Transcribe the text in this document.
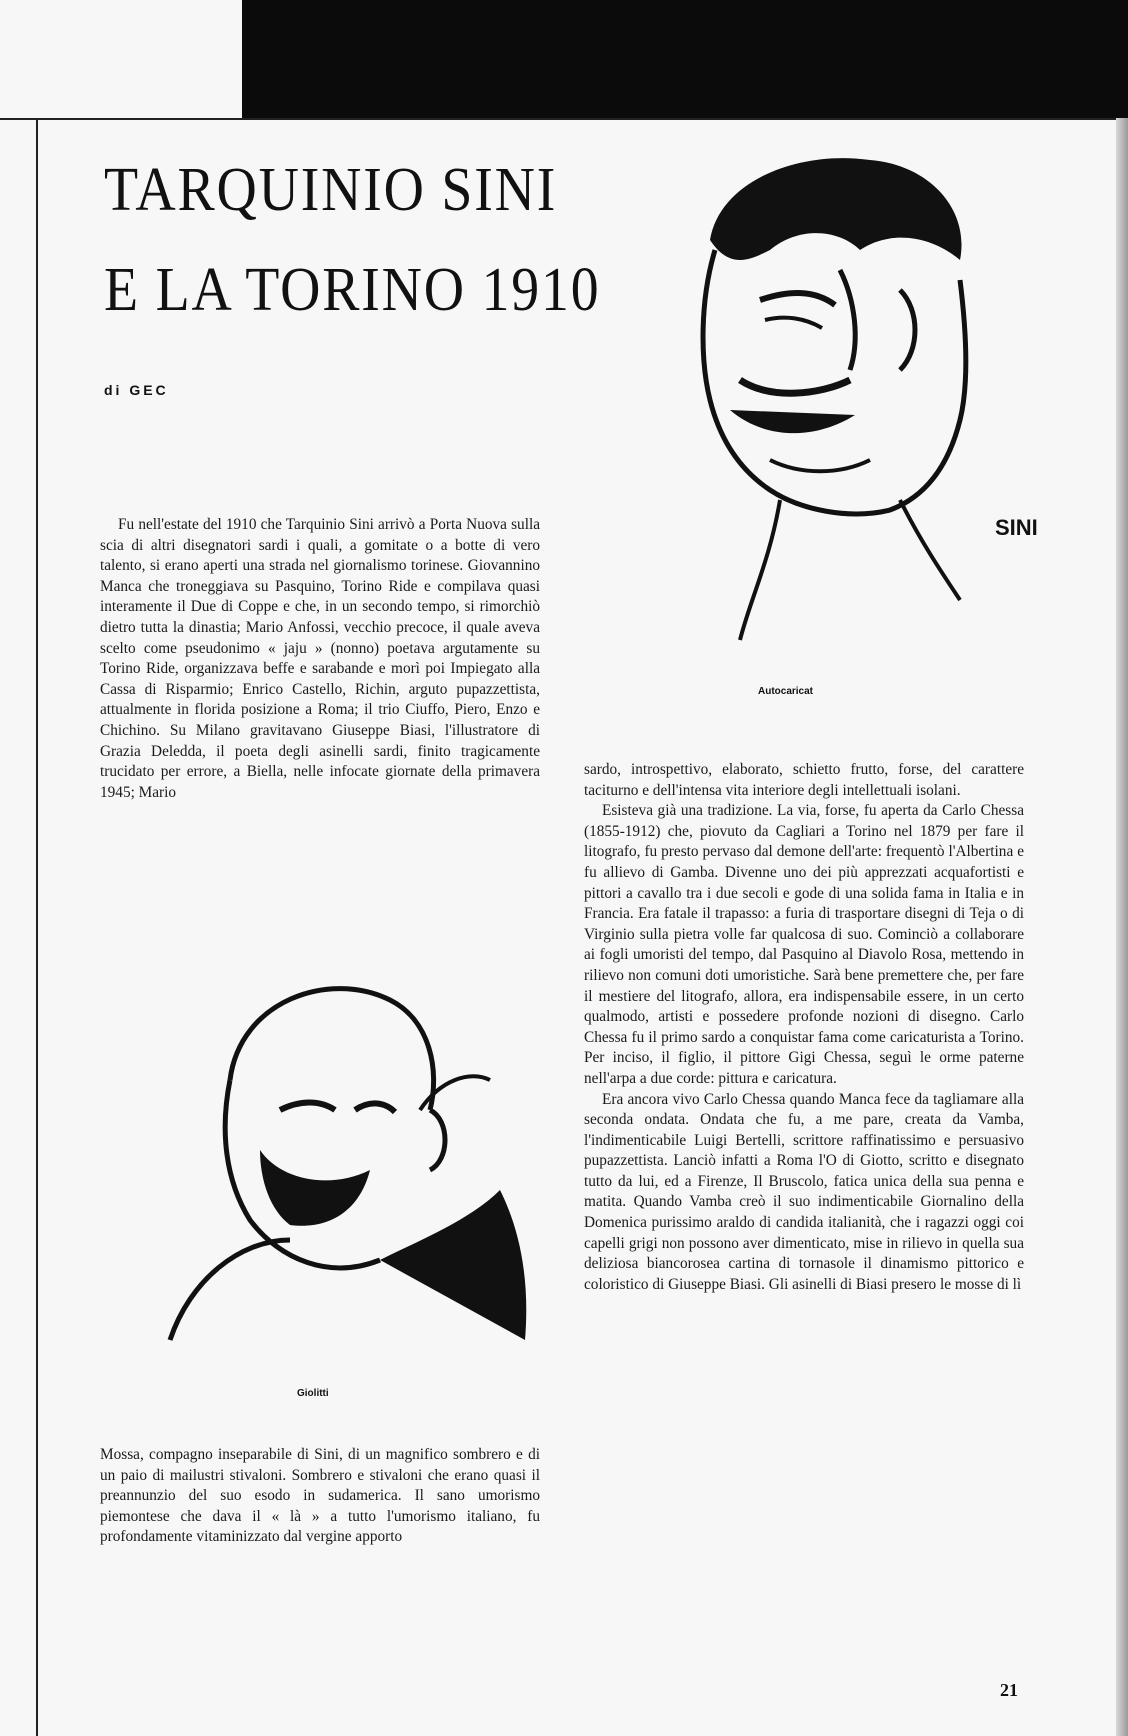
TARQUINIO SINI
E LA TORINO 1910
di GEC
SINI
Autocaricat
Giolitti

Fu nell'estate del 1910 che Tarquinio Sini arrivò a Porta Nuova sulla scia di altri disegnatori sardi i quali, a gomitate o a botte di vero talento, si erano aperti una strada nel giornalismo torinese. Giovannino Manca che troneggiava su Pasquino, Torino Ride e compilava quasi interamente il Due di Coppe e che, in un secondo tempo, si rimorchiò dietro tutta la dinastia; Mario Anfossi, vecchio precoce, il quale aveva scelto come pseudonimo « jaju » (nonno) poetava argutamente su Torino Ride, organizzava beffe e sarabande e morì poi Impiegato alla Cassa di Risparmio; Enrico Castello, Richin, arguto pupazzettista, attualmente in florida posizione a Roma; il trio Ciuffo, Piero, Enzo e Chichino. Su Milano gravitavano Giuseppe Biasi, l'illustratore di Grazia Deledda, il poeta degli asinelli sardi, finito tragicamente trucidato per errore, a Biella, nelle infocate giornate della primavera 1945; Mario

Mossa, compagno inseparabile di Sini, di un magnifico sombrero e di un paio di mailustri stivaloni. Sombrero e stivaloni che erano quasi il preannunzio del suo esodo in sudamerica. Il sano umorismo piemontese che dava il « là » a tutto l'umorismo italiano, fu profondamente vitaminizzato dal vergine apporto

sardo, introspettivo, elaborato, schietto frutto, forse, del carattere taciturno e dell'intensa vita interiore degli intellettuali isolani.

Esisteva già una tradizione. La via, forse, fu aperta da Carlo Chessa (1855-1912) che, piovuto da Cagliari a Torino nel 1879 per fare il litografo, fu presto pervaso dal demone dell'arte: frequentò l'Albertina e fu allievo di Gamba. Divenne uno dei più apprezzati acquafortisti e pittori a cavallo tra i due secoli e gode di una solida fama in Italia e in Francia. Era fatale il trapasso: a furia di trasportare disegni di Teja o di Virginio sulla pietra volle far qualcosa di suo. Cominciò a collaborare ai fogli umoristi del tempo, dal Pasquino al Diavolo Rosa, mettendo in rilievo non comuni doti umoristiche. Sarà bene premettere che, per fare il mestiere del litografo, allora, era indispensabile essere, in un certo qualmodo, artisti e possedere profonde nozioni di disegno. Carlo Chessa fu il primo sardo a conquistar fama come caricaturista a Torino. Per inciso, il figlio, il pittore Gigi Chessa, seguì le orme paterne nell'arpa a due corde: pittura e caricatura.

Era ancora vivo Carlo Chessa quando Manca fece da tagliamare alla seconda ondata. Ondata che fu, a me pare, creata da Vamba, l'indimenticabile Luigi Bertelli, scrittore raffinatissimo e persuasivo pupazzettista. Lanciò infatti a Roma l'O di Giotto, scritto e disegnato tutto da lui, ed a Firenze, Il Bruscolo, fatica unica della sua penna e matita. Quando Vamba creò il suo indimenticabile Giornalino della Domenica purissimo araldo di candida italianità, che i ragazzi oggi coi capelli grigi non possono aver dimenticato, mise in rilievo in quella sua deliziosa biancorosea cartina di tornasole il dinamismo pittorico e coloristico di Giuseppe Biasi. Gli asinelli di Biasi presero le mosse di lì

21
